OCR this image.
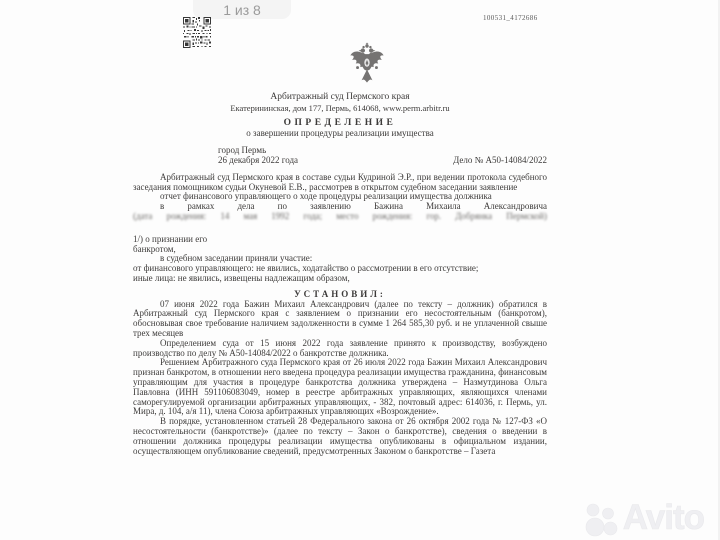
1 из 8	100531_4172686
Арбитражный суд Пермского края
Екатерининская, дом 177, Пермь, 614068, www.perm.arbitr.ru
ОПРЕДЕЛЕНИЕ
о завершении процедуры реализации имущества
город Пермь
26 декабря 2022 года	Дело № А50-14084/2022

Арбитражный суд Пермского края в составе судьи Кудриной Э.Р., при ведении протокола судебного заседания помощником судьи Окуневой Е.В., рассмотрев в открытом судебном заседании заявление

отчет финансового управляющего о ходе процедуры реализации имущества должника

в рамках дела по заявлению Бажина Михаила Александровича

(дата рождения: 14 мая 1992 года; место рождения: гор. Добрянка Пермской)

1/) о признании его

банкротом,

в судебном заседании приняли участие:

от финансового управляющего: не явились, ходатайство о рассмотрении в его отсутствие;

иные лица: не явились, извещены надлежащим образом,

УСТАНОВИЛ:

07 июня 2022 года Бажин Михаил Александрович (далее по тексту – должник) обратился в Арбитражный суд Пермского края с заявлением о признании его несостоятельным (банкротом), обосновывая свое требование наличием задолженности в сумме 1 264 585,30 руб. и не уплаченной свыше трех месяцев

Определением суда от 15 июня 2022 года заявление принято к производству, возбуждено производство по делу № А50-14084/2022 о банкротстве должника.

Решением Арбитражного суда Пермского края от 26 июля 2022 года Бажин Михаил Александрович признан банкротом, в отношении него введена процедура реализации имущества гражданина, финансовым управляющим для участия в процедуре банкротства должника утверждена – Назмутдинова Ольга Павловна (ИНН 591106083049, номер в реестре арбитражных управляющих, являющихся членами саморегулируемой организации арбитражных управляющих, - 382, почтовый адрес: 614036, г. Пермь, ул. Мира, д. 104, а/я 11), члена Союза арбитражных управляющих «Возрождение».

В порядке, установленном статьей 28 Федерального закона от 26 октября 2002 года № 127-ФЗ «О несостоятельности (банкротстве)» (далее по тексту – Закон о банкротстве), сведения о введении в отношении должника процедуры реализации имущества опубликованы в официальном издании, осуществляющем опубликование сведений, предусмотренных Законом о банкротстве – Газета

Avito
